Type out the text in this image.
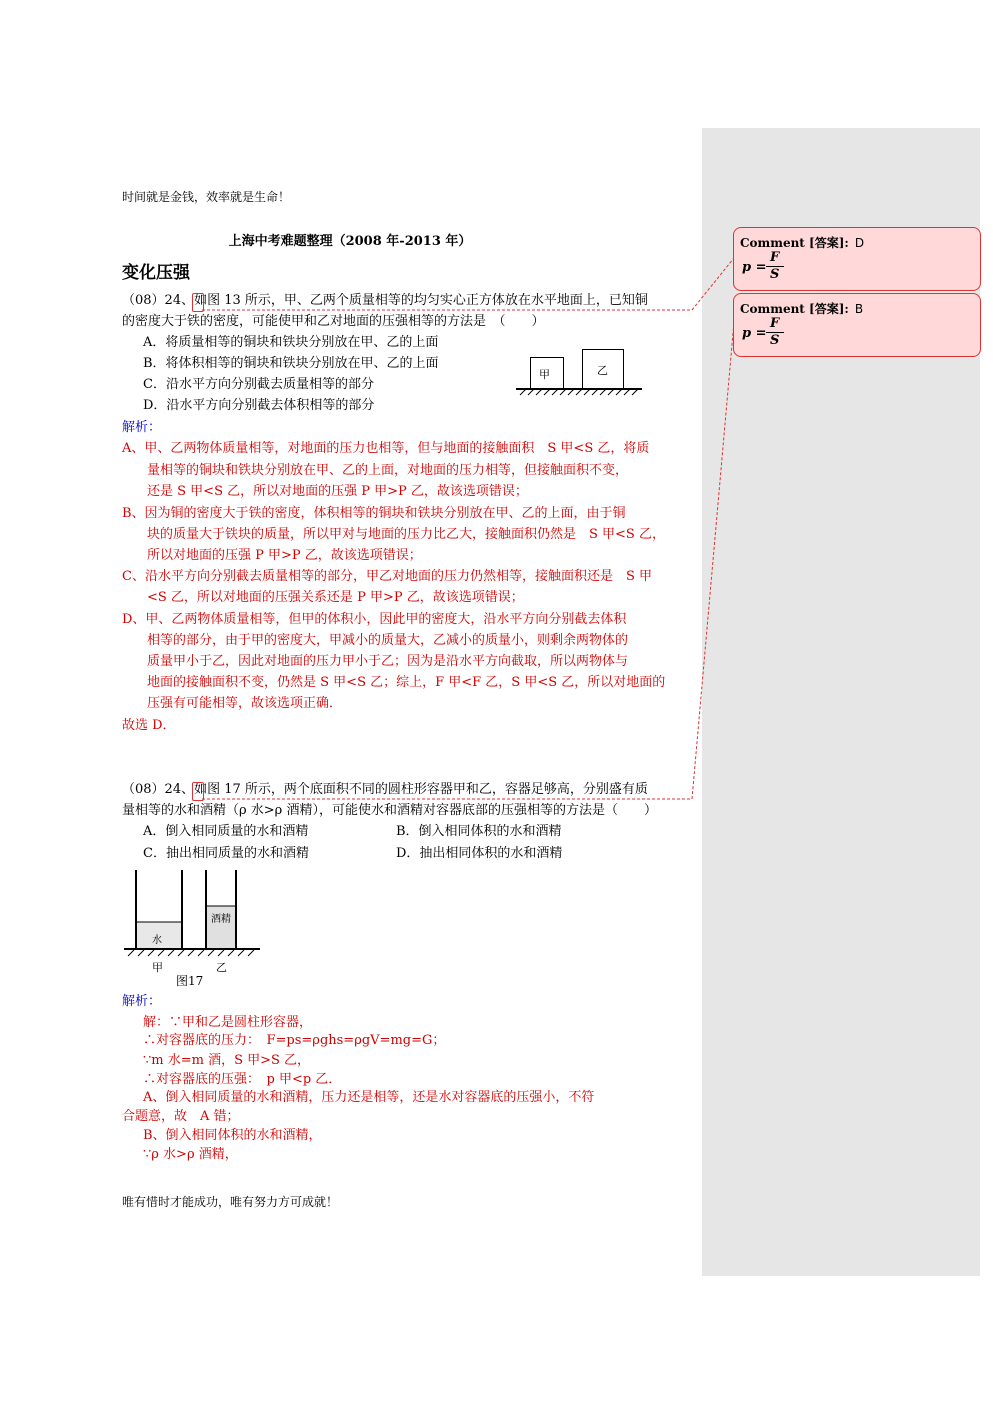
时间就是金钱，效率就是生命！
上海中考难题整理（2008 年-2013 年）
变化压强
（08）24、如图 13 所示，甲、乙两个质量相等的均匀实心正方体放在水平地面上，已知铜
的密度大于铁的密度，可能使甲和乙对地面的压强相等的方法是　（　　）
A．将质量相等的铜块和铁块分别放在甲、乙的上面
B．将体积相等的铜块和铁块分别放在甲、乙的上面
C．沿水平方向分别截去质量相等的部分
D．沿水平方向分别截去体积相等的部分
甲	乙
解析：
A、甲、乙两物体质量相等，对地面的压力也相等，但与地面的接触面积　S 甲<S 乙，将质
量相等的铜块和铁块分别放在甲、乙的上面，对地面的压力相等，但接触面积不变，
还是 S 甲<S 乙，所以对地面的压强 P 甲>P 乙，故该选项错误；
B、因为铜的密度大于铁的密度，体积相等的铜块和铁块分别放在甲、乙的上面，由于铜
块的质量大于铁块的质量，所以甲对与地面的压力比乙大，接触面积仍然是　S 甲<S 乙，
所以对地面的压强 P 甲>P 乙，故该选项错误；
C、沿水平方向分别截去质量相等的部分，甲乙对地面的压力仍然相等，接触面积还是　S 甲
<S 乙，所以对地面的压强关系还是 P 甲>P 乙，故该选项错误；
D、甲、乙两物体质量相等，但甲的体积小，因此甲的密度大，沿水平方向分别截去体积
相等的部分，由于甲的密度大，甲减小的质量大，乙减小的质量小，则剩余两物体的
质量甲小于乙，因此对地面的压力甲小于乙；因为是沿水平方向截取，所以两物体与
地面的接触面积不变，仍然是 S 甲<S 乙；综上，F 甲<F 乙，S 甲<S 乙，所以对地面的
压强有可能相等，故该选项正确．
故选 D．
（08）24、如图 17 所示，两个底面积不同的圆柱形容器甲和乙，容器足够高，分别盛有质
量相等的水和酒精（ρ 水>ρ 酒精），可能使水和酒精对容器底部的压强相等的方法是（　　）
A．倒入相同质量的水和酒精	B．倒入相同体积的水和酒精
C．抽出相同质量的水和酒精	D．抽出相同体积的水和酒精
水
酒精
甲	乙
图17
解析：
解：∵甲和乙是圆柱形容器，
∴对容器底的压力：　F=ps=ρghs=ρgV=mg=G；
∵m 水=m 酒，S 甲>S 乙，
∴对容器底的压强：　p 甲<p 乙．
A、倒入相同质量的水和酒精，压力还是相等，还是水对容器底的压强小，不符
合题意，故　A 错；
B、倒入相同体积的水和酒精，
∵ρ 水>ρ 酒精，
唯有惜时才能成功，唯有努力方可成就！
Comment [答案]: D
p =
F
S
Comment [答案]: B
p =
F
S
